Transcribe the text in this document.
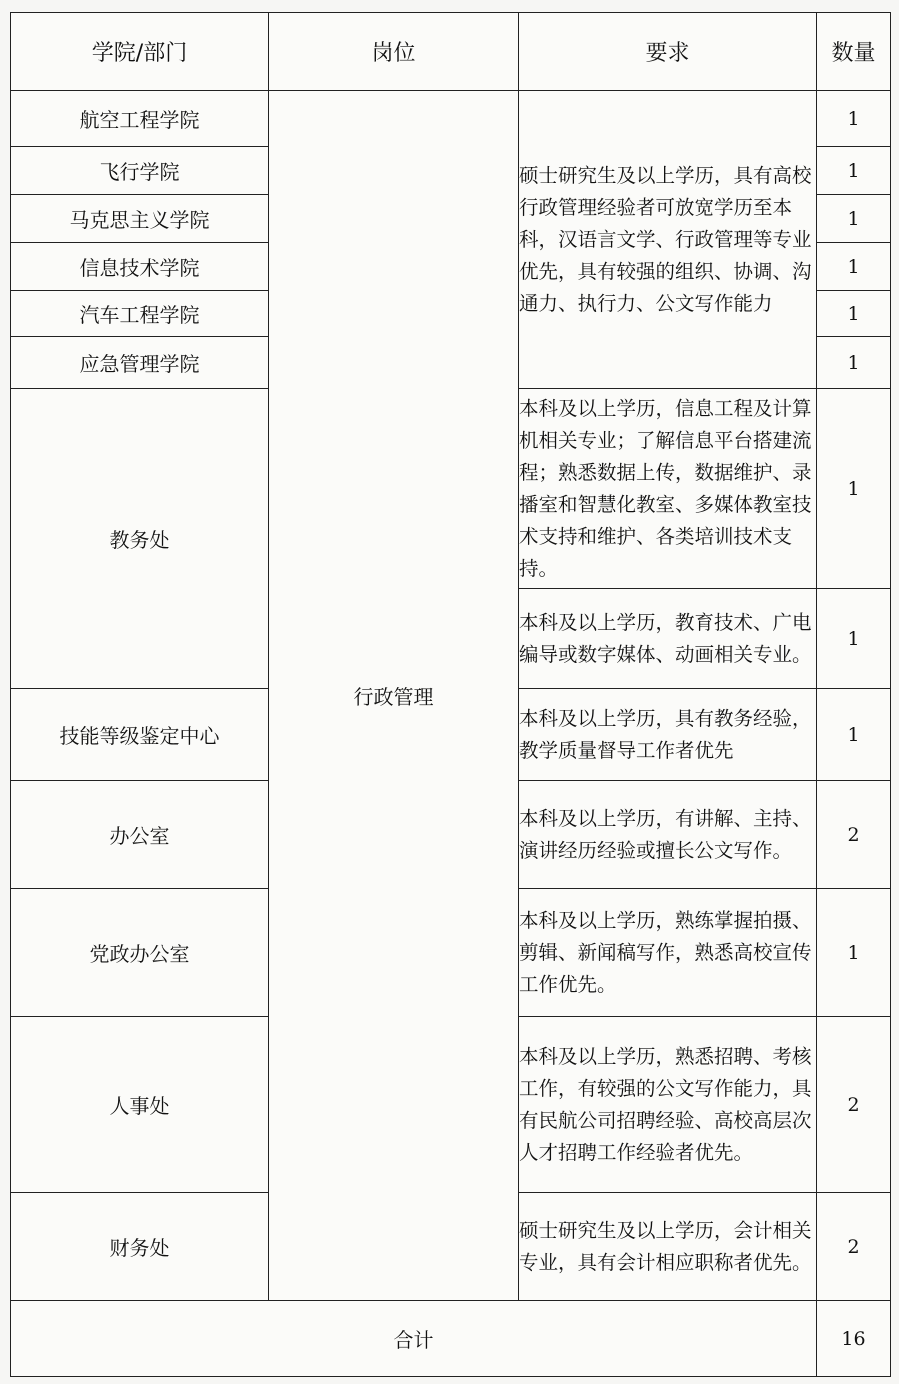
学院/部门	岗位	要求	数量
航空工程学院	行政管理	硕士研究生及以上学历，具有高校行政管理经验者可放宽学历至本科，汉语言文学、行政管理等专业优先，具有较强的组织、协调、沟通力、执行力、公文写作能力	1
飞行学院			1
马克思主义学院			1
信息技术学院			1
汽车工程学院			1
应急管理学院			1
教务处		本科及以上学历，信息工程及计算机相关专业；了解信息平台搭建流程；熟悉数据上传，数据维护、录播室和智慧化教室、多媒体教室技术支持和维护、各类培训技术支持。	1

		本科及以上学历，教育技术、广电编导或数字媒体、动画相关专业。	1
技能等级鉴定中心		本科及以上学历，具有教务经验，教学质量督导工作者优先	1
办公室		本科及以上学历，有讲解、主持、演讲经历经验或擅长公文写作。	2
党政办公室		本科及以上学历，熟练掌握拍摄、剪辑、新闻稿写作，熟悉高校宣传工作优先。	1
人事处		本科及以上学历，熟悉招聘、考核工作，有较强的公文写作能力，具有民航公司招聘经验、高校高层次人才招聘工作经验者优先。	2
财务处		硕士研究生及以上学历，会计相关专业，具有会计相应职称者优先。	2
合计			16
